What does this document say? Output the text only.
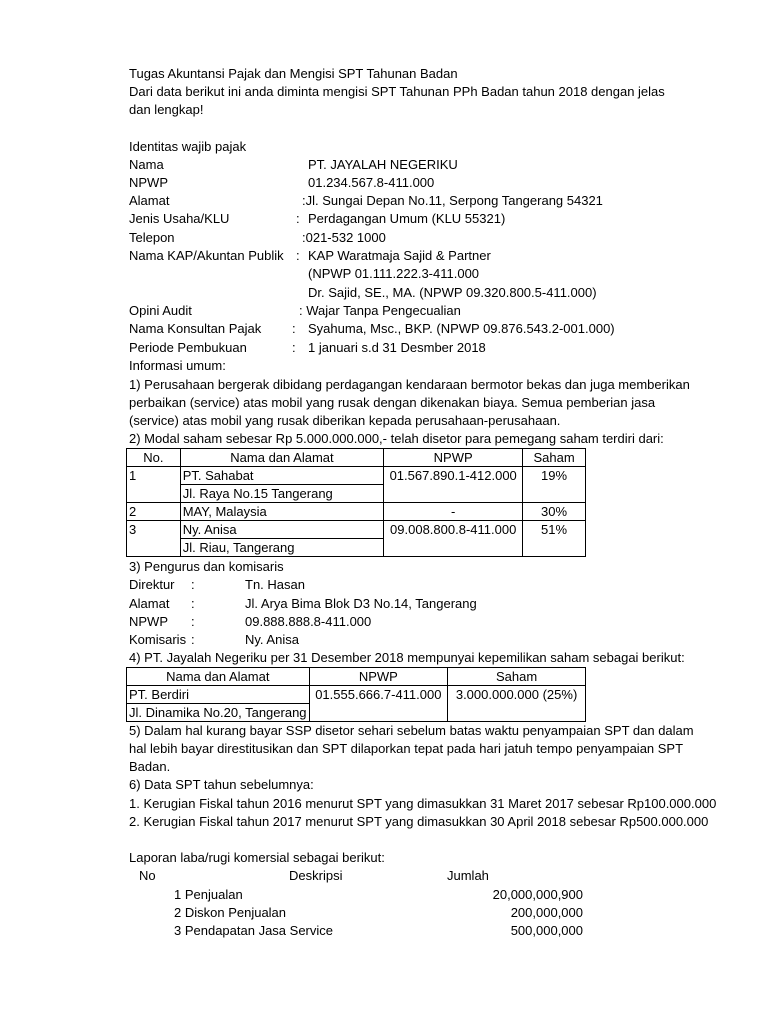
Tugas Akuntansi Pajak dan Mengisi SPT Tahunan Badan
Dari data berikut ini anda diminta mengisi SPT Tahunan PPh Badan tahun 2018 dengan jelas
dan lengkap!
Identitas wajib pajak
Nama	PT. JAYALAH NEGERIKU
NPWP	01.234.567.8-411.000
Alamat	:Jl. Sungai Depan No.11, Serpong Tangerang 54321
Jenis Usaha/KLU	: Perdagangan Umum (KLU 55321)
Telepon	:021-532 1000
Nama KAP/Akuntan Publik : KAP Waratmaja Sajid & Partner
(NPWP 01.111.222.3-411.000
Dr. Sajid, SE., MA. (NPWP 09.320.800.5-411.000)
Opini Audit	: Wajar Tanpa Pengecualian
Nama Konsultan Pajak : Syahuma, Msc., BKP. (NPWP 09.876.543.2-001.000)
Periode Pembukuan	: 1 januari s.d 31 Desmber 2018
Informasi umum:
1) Perusahaan bergerak dibidang perdagangan kendaraan bermotor bekas dan juga memberikan
perbaikan (service) atas mobil yang rusak dengan dikenakan biaya. Semua pemberian jasa
(service) atas mobil yang rusak diberikan kepada perusahaan-perusahaan.
2) Modal saham sebesar Rp 5.000.000.000,- telah disetor para pemegang saham terdiri dari:
No.	Nama dan Alamat	NPWP	Saham
1	PT. Sahabat	01.567.890.1-412.000	19%
	Jl. Raya No.15 Tangerang		
2	MAY, Malaysia	-	30%
3	Ny. Anisa	09.008.800.8-411.000	51%
	Jl. Riau, Tangerang		
3) Pengurus dan komisaris
Direktur :	Tn. Hasan
Alamat :	Jl. Arya Bima Blok D3 No.14, Tangerang
NPWP :	09.888.888.8-411.000
Komisaris :	Ny. Anisa
4) PT. Jayalah Negeriku per 31 Desember 2018 mempunyai kepemilikan saham sebagai berikut:
Nama dan Alamat	NPWP	Saham
PT. Berdiri	01.555.666.7-411.000	3.000.000.000 (25%)
Jl. Dinamika No.20, Tangerang		
5) Dalam hal kurang bayar SSP disetor sehari sebelum batas waktu penyampaian SPT dan dalam
hal lebih bayar direstitusikan dan SPT dilaporkan tepat pada hari jatuh tempo penyampaian SPT
Badan.
6) Data SPT tahun sebelumnya:
1. Kerugian Fiskal tahun 2016 menurut SPT yang dimasukkan 31 Maret 2017 sebesar Rp100.000.000
2. Kerugian Fiskal tahun 2017 menurut SPT yang dimasukkan 30 April 2018 sebesar Rp500.000.000
Laporan laba/rugi komersial sebagai berikut:
No	Deskripsi	Jumlah
1 Penjualan	20,000,000,900
2 Diskon Penjualan	200,000,000
3 Pendapatan Jasa Service	500,000,000
